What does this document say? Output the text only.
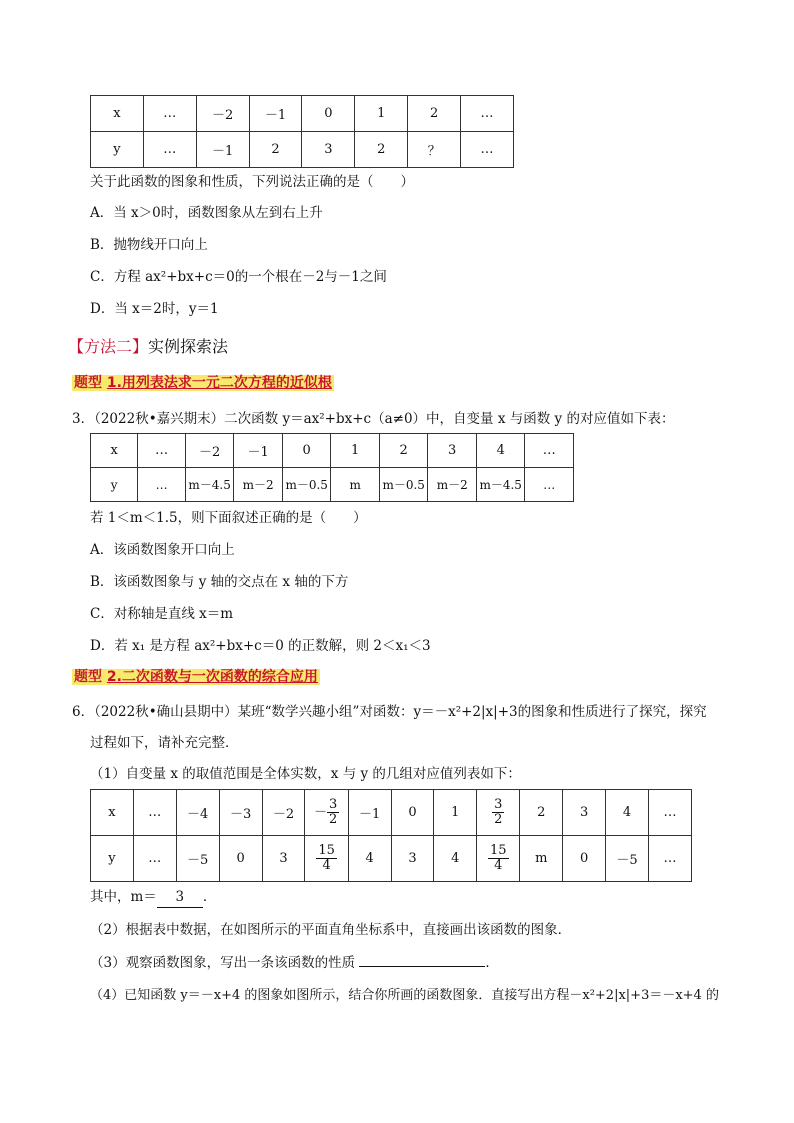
x	…	－2	－1	0	1	2	…
y	…	－1	2	3	2	？	…
关于此函数的图象和性质，下列说法正确的是（　　）
A．当 x＞0时，函数图象从左到右上升
B．抛物线开口向上
C．方程 ax²+bx+c＝0的一个根在－2与－1之间
D．当 x＝2时，y＝1
【方法二】实例探索法
题型 1.用列表法求一元二次方程的近似根
3．（2022秋•嘉兴期末）二次函数 y＝ax²+bx+c（a≠0）中，自变量 x 与函数 y 的对应值如下表：
x	…	－2	－1	0	1	2	3	4	…
y	…	m－4.5	m－2	m－0.5	m	m－0.5	m－2	m－4.5	…
若 1＜m＜1.5，则下面叙述正确的是（　　）
A．该函数图象开口向上
B．该函数图象与 y 轴的交点在 x 轴的下方
C．对称轴是直线 x＝m
D．若 x₁ 是方程 ax²+bx+c＝0 的正数解，则 2＜x₁＜3
题型 2.二次函数与一次函数的综合应用
6．（2022秋•确山县期中）某班“数学兴趣小组”对函数：y＝－x²+2|x|+3的图象和性质进行了探究，探究
过程如下，请补充完整．
（1）自变量 x 的取值范围是全体实数，x 与 y 的几组对应值列表如下：
x	…	－4	－3	－2	－ $\frac{3}{2}$	－1	0	1	$\frac{3}{2}$	2	3	4	…
y	…	－5	0	3	$\frac{15}{4}$	4	3	4	$\frac{15}{4}$	m	0	－5	…
其中，m＝ 3 ．
（2）根据表中数据，在如图所示的平面直角坐标系中，直接画出该函数的图象．
（3）观察函数图象，写出一条该函数的性质	．
（4）已知函数 y＝－x+4 的图象如图所示，结合你所画的函数图象．直接写出方程－x²+2|x|+3＝－x+4 的
